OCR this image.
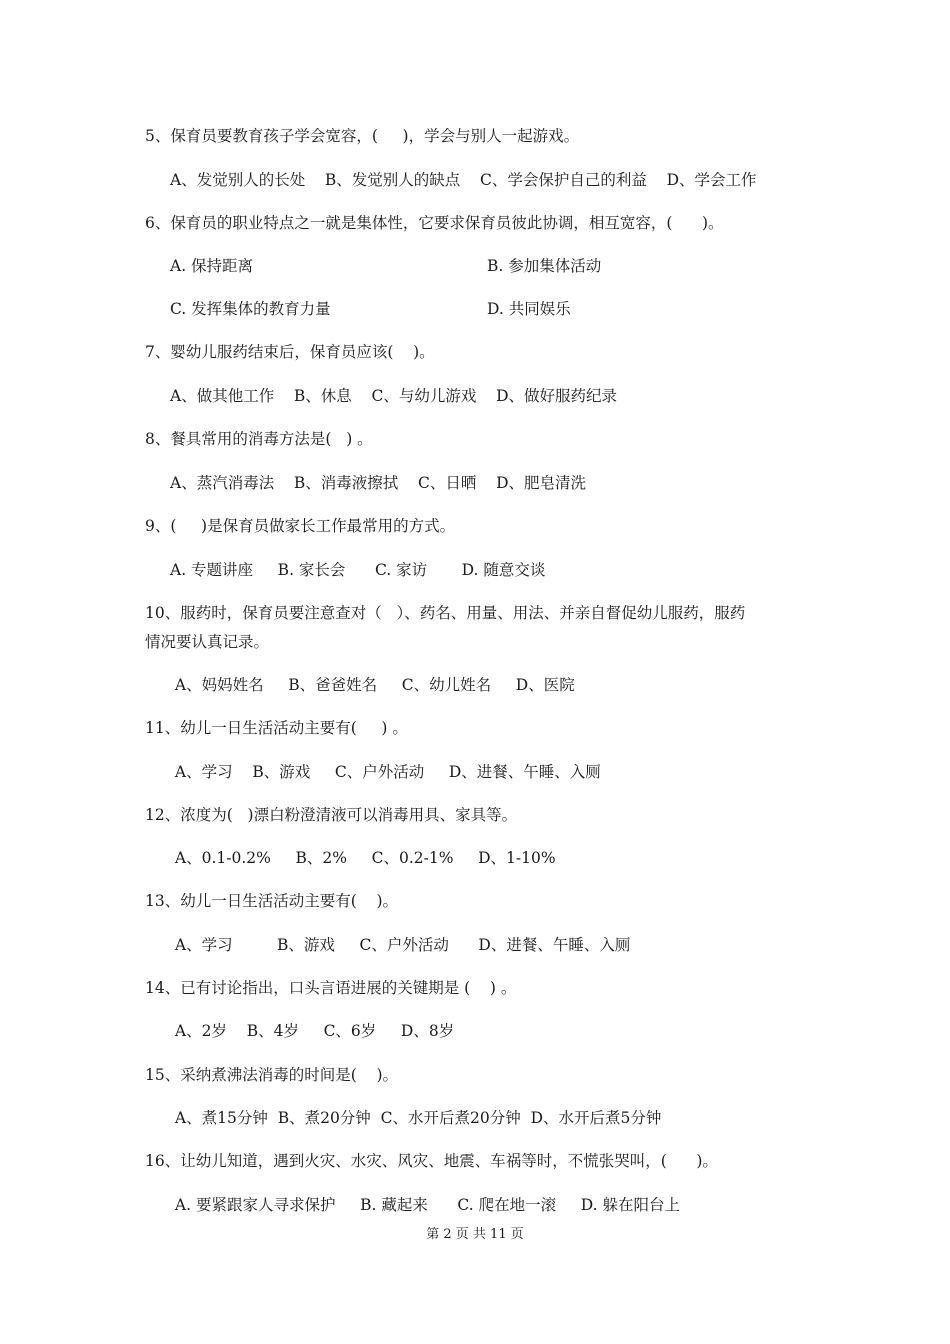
5、保育员要教育孩子学会宽容，(     )，学会与别人一起游戏。
A、发觉别人的长处    B、发觉别人的缺点    C、学会保护自己的利益    D、学会工作
6、保育员的职业特点之一就是集体性，它要求保育员彼此协调，相互宽容，(      )。
A. 保持距离	B. 参加集体活动
C. 发挥集体的教育力量	D. 共同娱乐
7、婴幼儿服药结束后，保育员应该(    )。
A、做其他工作    B、休息    C、与幼儿游戏    D、做好服药纪录
8、餐具常用的消毒方法是(   ) 。
A、蒸汽消毒法    B、消毒液擦拭    C、日晒    D、肥皂清洗
9、(     )是保育员做家长工作最常用的方式。
A. 专题讲座     B. 家长会      C. 家访       D. 随意交谈
10、服药时，保育员要注意查对（   ）、药名、用量、用法、并亲自督促幼儿服药，服药
情况要认真记录。
A、妈妈姓名     B、爸爸姓名     C、幼儿姓名     D、医院
11、幼儿一日生活活动主要有(     ) 。
A、学习    B、游戏     C、户外活动     D、进餐、午睡、入厕
12、浓度为(   )漂白粉澄清液可以消毒用具、家具等。
A、0.1-0.2%     B、2%     C、0.2-1%     D、1-10%
13、幼儿一日生活活动主要有(    )。
A、学习         B、游戏     C、户外活动      D、进餐、午睡、入厕
14、已有讨论指出，口头言语进展的关键期是 (    ) 。
A、2岁    B、4岁     C、6岁     D、8岁
15、采纳煮沸法消毒的时间是(    )。
A、煮15分钟  B、煮20分钟  C、水开后煮20分钟  D、水开后煮5分钟
16、让幼儿知道，遇到火灾、水灾、风灾、地震、车祸等时，不慌张哭叫，(      )。
A. 要紧跟家人寻求保护     B. 藏起来      C. 爬在地一滚     D. 躲在阳台上
第 2 页 共 11 页
